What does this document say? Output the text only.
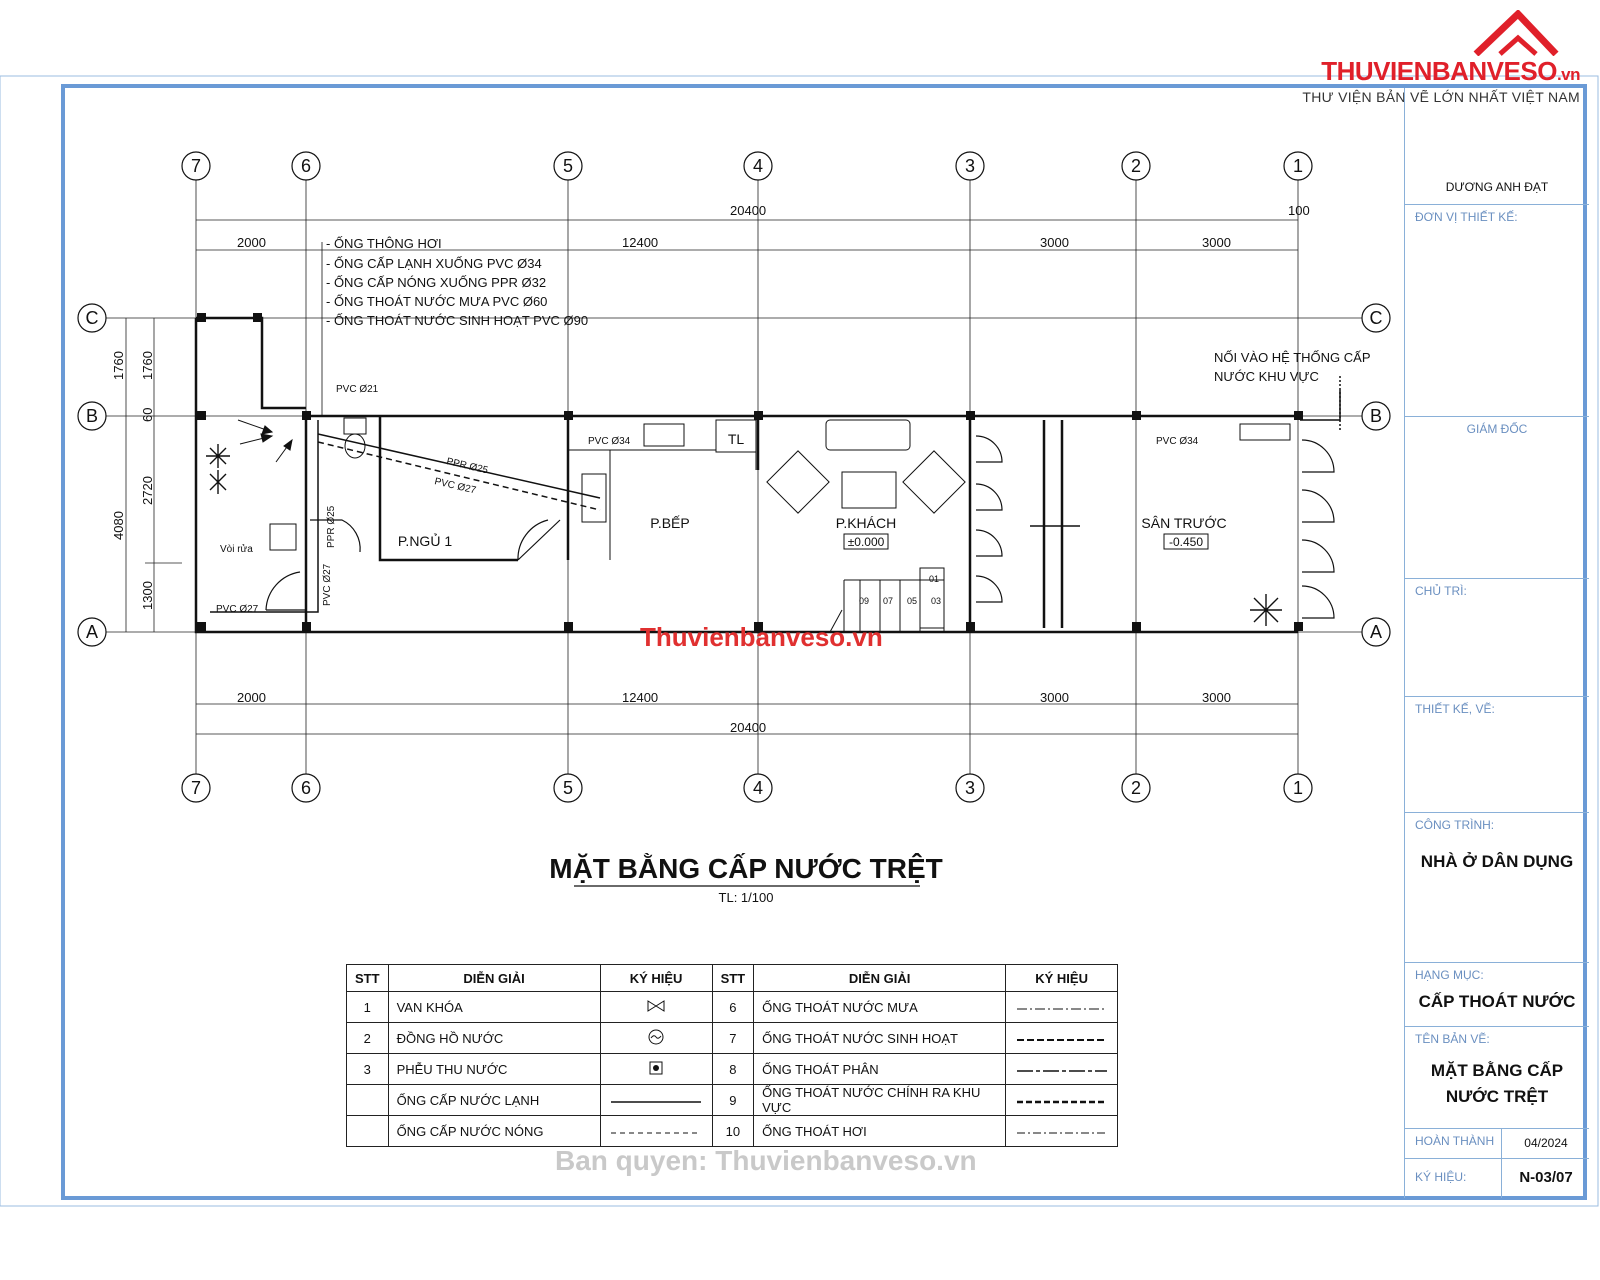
20400	100
2000	12400	3000	3000
2000	12400	3000	3000
20400
1760
4080
1760
60
2720
1300
7	6	5	4	3	2	1
7	6	5	4	3	2	1
C
B
A
C
B
A
PVC Ø21
PVC Ø34	PVC Ø34
PPR Ø25
PVC Ø27
PPR Ø25
PVC Ø27
PVC Ø27
Vòi rửa
- ỐNG THÔNG HƠI
- ỐNG CẤP LẠNH XUỐNG PVC Ø34
- ỐNG CẤP NÓNG XUỐNG PPR Ø32
- ỐNG THOÁT NƯỚC MƯA PVC Ø60
- ỐNG THOÁT NƯỚC SINH HOẠT PVC Ø90
NỐI VÀO HỆ THỐNG CẤP
NƯỚC KHU VỰC
P.NGỦ 1
P.BẾP	P.KHÁCH	SÂN TRƯỚC
TL
±0.000	-0.450
09 07 05 03
01
MẶT BẰNG CẤP NƯỚC TRỆT
TL: 1/100
THUVIENBANVESO.vn
THƯ VIỆN BẢN VẼ LỚN NHẤT VIỆT NAM
Thuvienbanveso.vn
Ban quyen: Thuvienbanveso.vn
STT	DIỄN GIẢI	KÝ HIỆU	STT	DIỄN GIẢI	KÝ HIỆU
1	VAN KHÓA		6	ỐNG THOÁT NƯỚC MƯA	
2	ĐỒNG HỒ NƯỚC		7	ỐNG THOÁT NƯỚC SINH HOẠT	
3	PHỄU THU NƯỚC		8	ỐNG THOÁT PHÂN	
	ỐNG CẤP NƯỚC LẠNH		9	ỐNG THOÁT NƯỚC CHÍNH RA KHU VỰC	
	ỐNG CẤP NƯỚC NÓNG		10	ỐNG THOÁT HƠI	
DƯƠNG ANH ĐẠT
ĐƠN VỊ THIẾT KẾ:
GIÁM ĐỐC
CHỦ TRÌ:
THIẾT KẾ, VẼ:
CÔNG TRÌNH:
NHÀ Ở DÂN DỤNG
HẠNG MỤC:
CẤP THOÁT NƯỚC
TÊN BẢN VẼ:
MẶT BẰNG CẤP NƯỚC TRỆT
HOÀN THÀNH	04/2024
KÝ HIỆU:	N-03/07
